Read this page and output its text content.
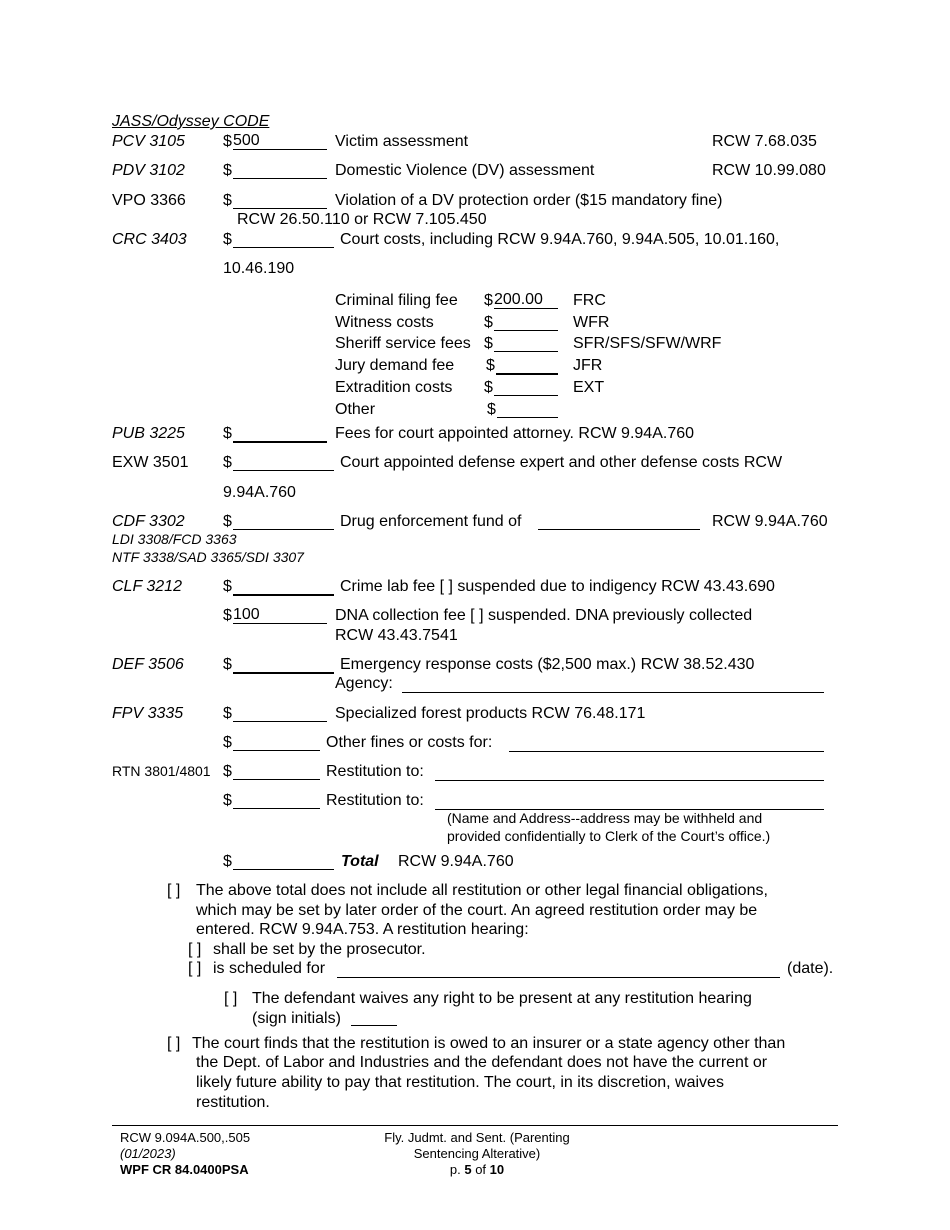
JASS/Odyssey CODE
PCV 3105 $ 500	Victim assessment	RCW 7.68.035
PDV 3102 $	Domestic Violence (DV) assessment	RCW 10.99.080
VPO 3366 $	Violation of a DV protection order ($15 mandatory fine)
RCW 26.50.110 or RCW 7.105.450
CRC 3403 $	Court costs, including RCW 9.94A.760, 9.94A.505, 10.01.160,
10.46.190
Criminal filing fee $ 200.00	FRC
Witness costs	$	WFR
Sheriff service fees $	SFR/SFS/SFW/WRF
Jury demand fee $	JFR
Extradition costs $	EXT
Other	$
PUB 3225 $	Fees for court appointed attorney. RCW 9.94A.760
EXW 3501 $	Court appointed defense expert and other defense costs RCW
9.94A.760
CDF 3302 $	Drug enforcement fund of	RCW 9.94A.760
LDI 3308/FCD 3363
NTF 3338/SAD 3365/SDI 3307
CLF 3212	$	Crime lab fee [ ] suspended due to indigency RCW 43.43.690
$ 100	DNA collection fee [ ] suspended. DNA previously collected
RCW 43.43.7541
DEF 3506 $	Emergency response costs ($2,500 max.) RCW 38.52.430
Agency:
FPV 3335 $	Specialized forest products RCW 76.48.171
$	Other fines or costs for:
RTN 3801/4801 $	Restitution to:
$	Restitution to:
(Name and Address--address may be withheld and
provided confidentially to Clerk of the Court’s office.)
$	Total RCW 9.94A.760
[ ] The above total does not include all restitution or other legal financial obligations,
which may be set by later order of the court. An agreed restitution order may be
entered. RCW 9.94A.753. A restitution hearing:
[ ] shall be set by the prosecutor.
[ ] is scheduled for	(date).
[ ] The defendant waives any right to be present at any restitution hearing
(sign initials)
[ ] The court finds that the restitution is owed to an insurer or a state agency other than
the Dept. of Labor and Industries and the defendant does not have the current or
likely future ability to pay that restitution. The court, in its discretion, waives
restitution.
RCW 9.094A.500,.505
(01/2023)
WPF CR 84.0400PSA
Fly. Judmt. and Sent. (Parenting
Sentencing Alterative)
p. 5 of 10
